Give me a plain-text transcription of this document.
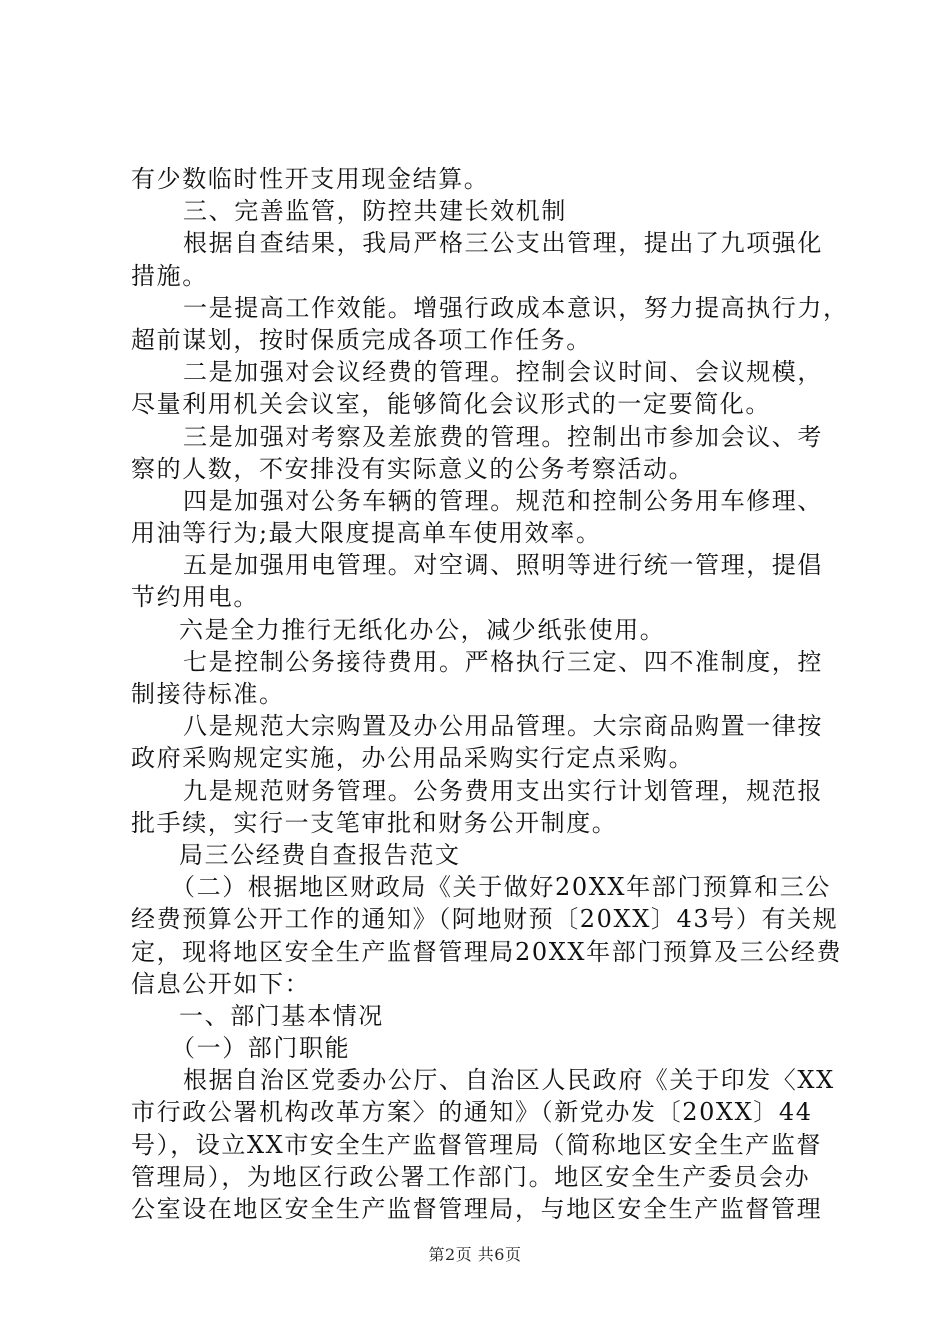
有少数临时性开支用现金结算。
三、完善监管，防控共建长效机制
根据自查结果，我局严格三公支出管理，提出了九项强化
措施。
一是提高工作效能。增强行政成本意识，努力提高执行力，
超前谋划，按时保质完成各项工作任务。
二是加强对会议经费的管理。控制会议时间、会议规模，
尽量利用机关会议室，能够简化会议形式的一定要简化。
三是加强对考察及差旅费的管理。控制出市参加会议、考
察的人数，不安排没有实际意义的公务考察活动。
四是加强对公务车辆的管理。规范和控制公务用车修理、
用油等行为;最大限度提高单车使用效率。
五是加强用电管理。对空调、照明等进行统一管理，提倡
节约用电。
六是全力推行无纸化办公，减少纸张使用。
七是控制公务接待费用。严格执行三定、四不准制度，控
制接待标准。
八是规范大宗购置及办公用品管理。大宗商品购置一律按
政府采购规定实施，办公用品采购实行定点采购。
九是规范财务管理。公务费用支出实行计划管理，规范报
批手续，实行一支笔审批和财务公开制度。
局三公经费自查报告范文
（二）根据地区财政局《关于做好20XX年部门预算和三公
经费预算公开工作的通知》（阿地财预〔20XX〕43号）有关规
定，现将地区安全生产监督管理局20XX年部门预算及三公经费
信息公开如下：
一、部门基本情况
（一）部门职能
根据自治区党委办公厅、自治区人民政府《关于印发〈XX
市行政公署机构改革方案〉的通知》（新党办发〔20XX〕44
号），设立XX市安全生产监督管理局（简称地区安全生产监督
管理局），为地区行政公署工作部门。地区安全生产委员会办
公室设在地区安全生产监督管理局，与地区安全生产监督管理
第2页 共6页
